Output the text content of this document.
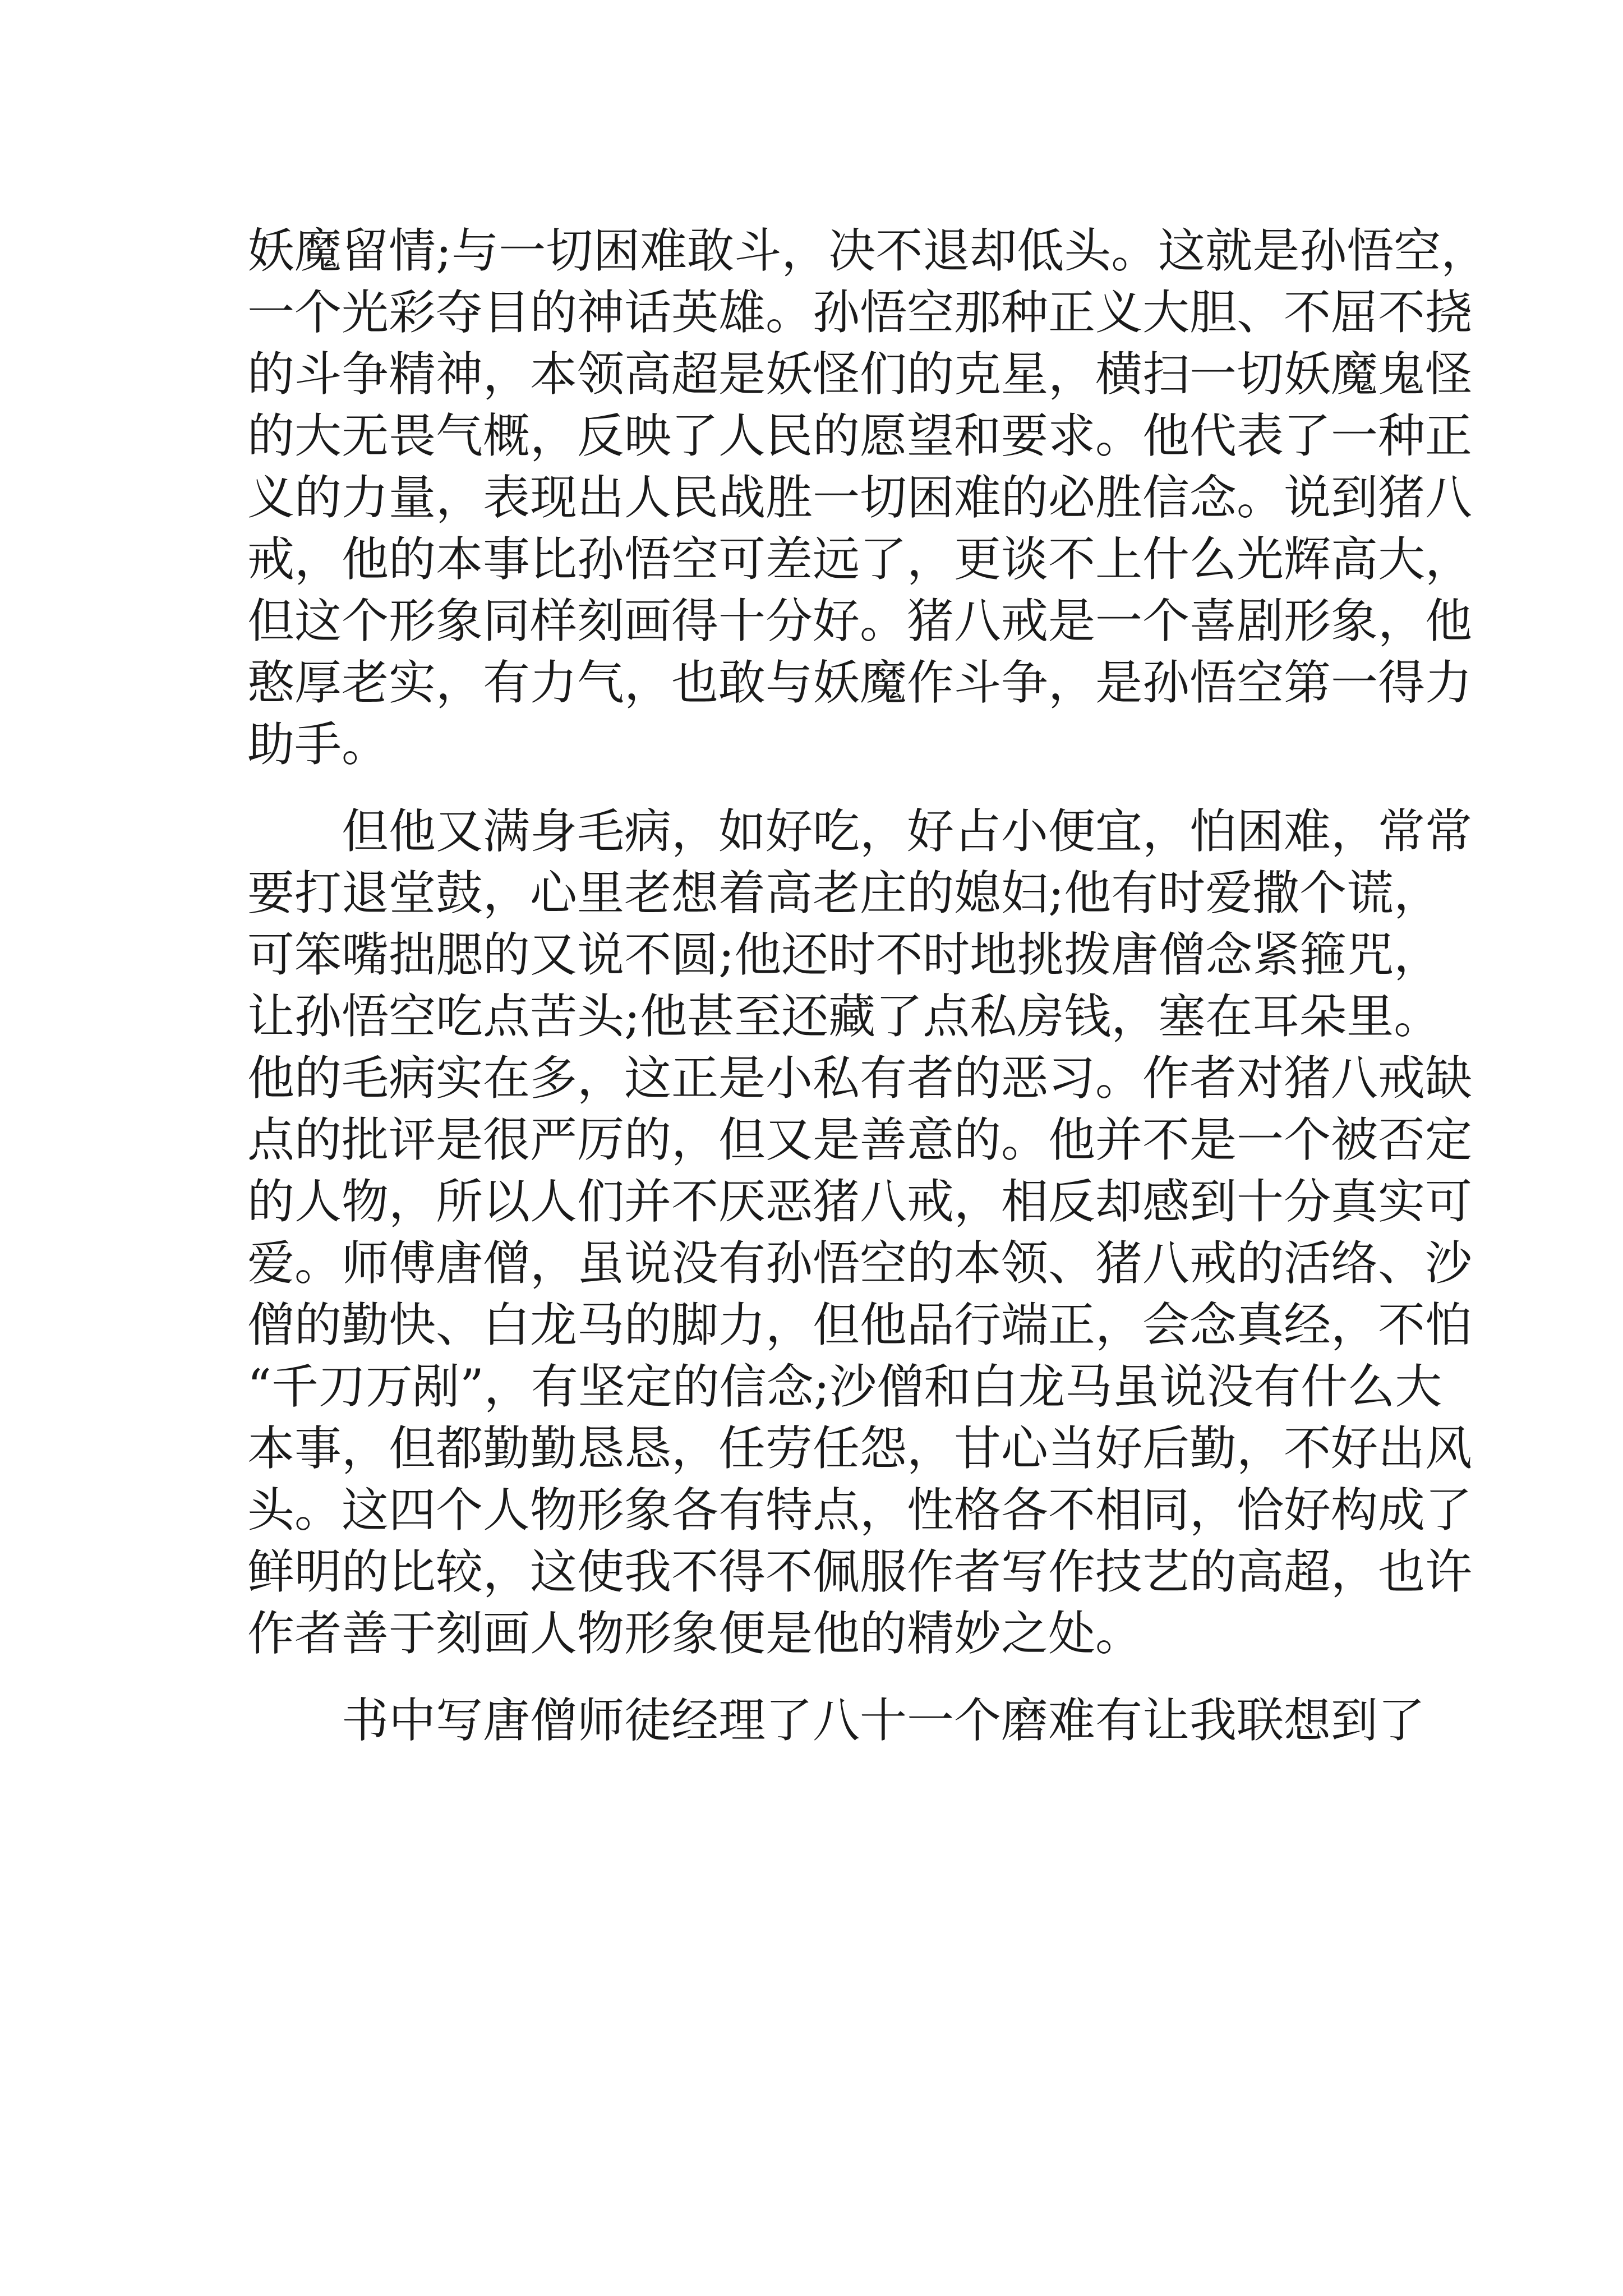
妖魔留情;与一切困难敢斗，决不退却低头。这就是孙悟空，
一个光彩夺目的神话英雄。孙悟空那种正义大胆、不屈不挠
的斗争精神，本领高超是妖怪们的克星，横扫一切妖魔鬼怪
的大无畏气概，反映了人民的愿望和要求。他代表了一种正
义的力量，表现出人民战胜一切困难的必胜信念。说到猪八
戒，他的本事比孙悟空可差远了，更谈不上什么光辉高大，
但这个形象同样刻画得十分好。猪八戒是一个喜剧形象，他
憨厚老实，有力气，也敢与妖魔作斗争，是孙悟空第一得力
助手。
但他又满身毛病，如好吃，好占小便宜，怕困难，常常
要打退堂鼓，心里老想着高老庄的媳妇;他有时爱撒个谎，
可笨嘴拙腮的又说不圆;他还时不时地挑拨唐僧念紧箍咒，
让孙悟空吃点苦头;他甚至还藏了点私房钱，塞在耳朵里。
他的毛病实在多，这正是小私有者的恶习。作者对猪八戒缺
点的批评是很严厉的，但又是善意的。他并不是一个被否定
的人物，所以人们并不厌恶猪八戒，相反却感到十分真实可
爱。师傅唐僧，虽说没有孙悟空的本领、猪八戒的活络、沙
僧的勤快、白龙马的脚力，但他品行端正，会念真经，不怕
“千刀万剐”，有坚定的信念;沙僧和白龙马虽说没有什么大
本事，但都勤勤恳恳，任劳任怨，甘心当好后勤，不好出风
头。这四个人物形象各有特点，性格各不相同，恰好构成了
鲜明的比较，这使我不得不佩服作者写作技艺的高超，也许
作者善于刻画人物形象便是他的精妙之处。
书中写唐僧师徒经理了八十一个磨难有让我联想到了
